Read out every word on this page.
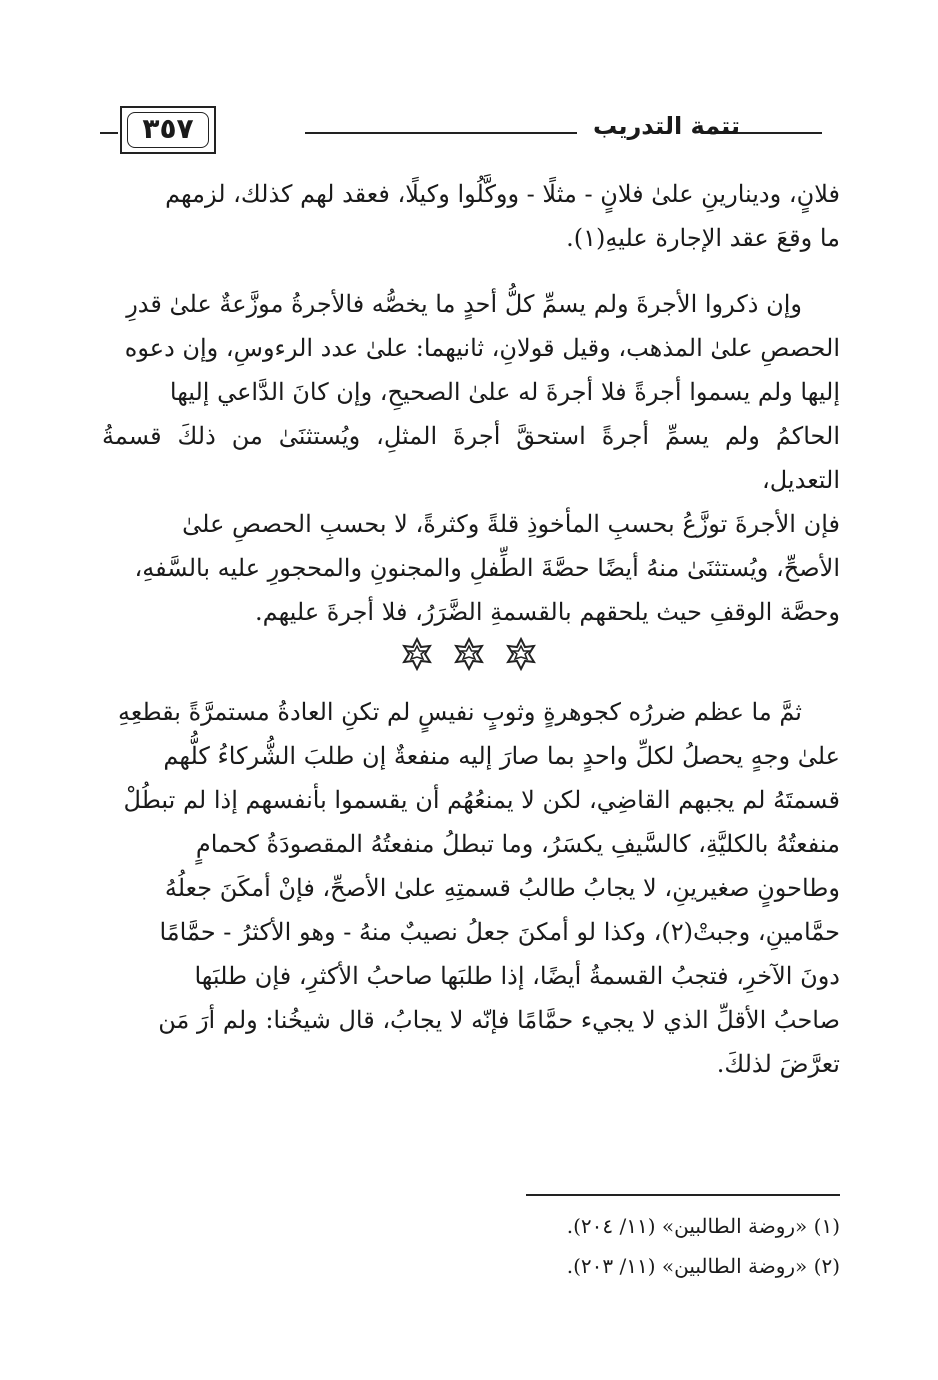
تتمة التدريب
٣٥٧
فلانٍ، ودينارينِ علىٰ فلانٍ - مثلًا - ووكَّلُوا وكيلًا، فعقد لهم كذلك، لزمهم
ما وقعَ عقد الإجارة عليهِ(١).
وإن ذكروا الأجرةَ ولم يسمِّ كلُّ أحدٍ ما يخصُّه فالأجرةُ موزَّعةٌ علىٰ قدرِ
الحصصِ علىٰ المذهب، وقيل قولانِ، ثانيهما: علىٰ عدد الرءوسِ، وإن دعوه
إليها ولم يسموا أجرةً فلا أجرةَ له علىٰ الصحيحِ، وإن كانَ الدَّاعي إليها
الحاكمُ ولم يسمِّ أجرةً استحقَّ أجرةَ المثلِ، ويُستثنَىٰ من ذلكَ قسمةُ التعديل،
فإن الأجرةَ توزَّعُ بحسبِ المأخوذِ قلةً وكثرةً، لا بحسبِ الحصصِ علىٰ
الأصحِّ، ويُستثنَىٰ منهُ أيضًا حصَّةَ الطِّفلِ والمجنونِ والمحجورِ عليه بالسَّفهِ،
وحصَّة الوقفِ حيث يلحقهم بالقسمةِ الضَّرَرُ، فلا أجرةَ عليهم.
ثمَّ ما عظم ضررُه كجوهرةٍ وثوبٍ نفيسٍ لم تكنِ العادةُ مستمرَّةً بقطعِهِ
علىٰ وجهٍ يحصلُ لكلِّ واحدٍ بما صارَ إليه منفعةٌ إن طلبَ الشُّركاءُ كلُّهم
قسمتَهُ لم يجبهم القاضِي، لكن لا يمنعُهُم أن يقسموا بأنفسهم إذا لم تبطُلْ
منفعتُهُ بالكليَّةِ، كالسَّيفِ يكسَرُ، وما تبطلُ منفعتُهُ المقصودَةُ كحمامٍ
وطاحونٍ صغيرينِ، لا يجابُ طالبُ قسمتِهِ علىٰ الأصحِّ، فإنْ أمكَنَ جعلُهُ
حمَّامينِ، وجبتْ(٢)، وكذا لو أمكنَ جعلُ نصيبٌ منهُ - وهو الأكثرُ - حمَّامًا
دونَ الآخرِ، فتجبُ القسمةُ أيضًا، إذا طلبَها صاحبُ الأكثرِ، فإن طلبَها
صاحبُ الأقلِّ الذي لا يجيء حمَّامًا فإنّه لا يجابُ، قال شيخُنا: ولم أرَ مَن
تعرَّضَ لذلكَ.
(١) «روضة الطالبين» (١١/ ٢٠٤).
(٢) «روضة الطالبين» (١١/ ٢٠٣).
